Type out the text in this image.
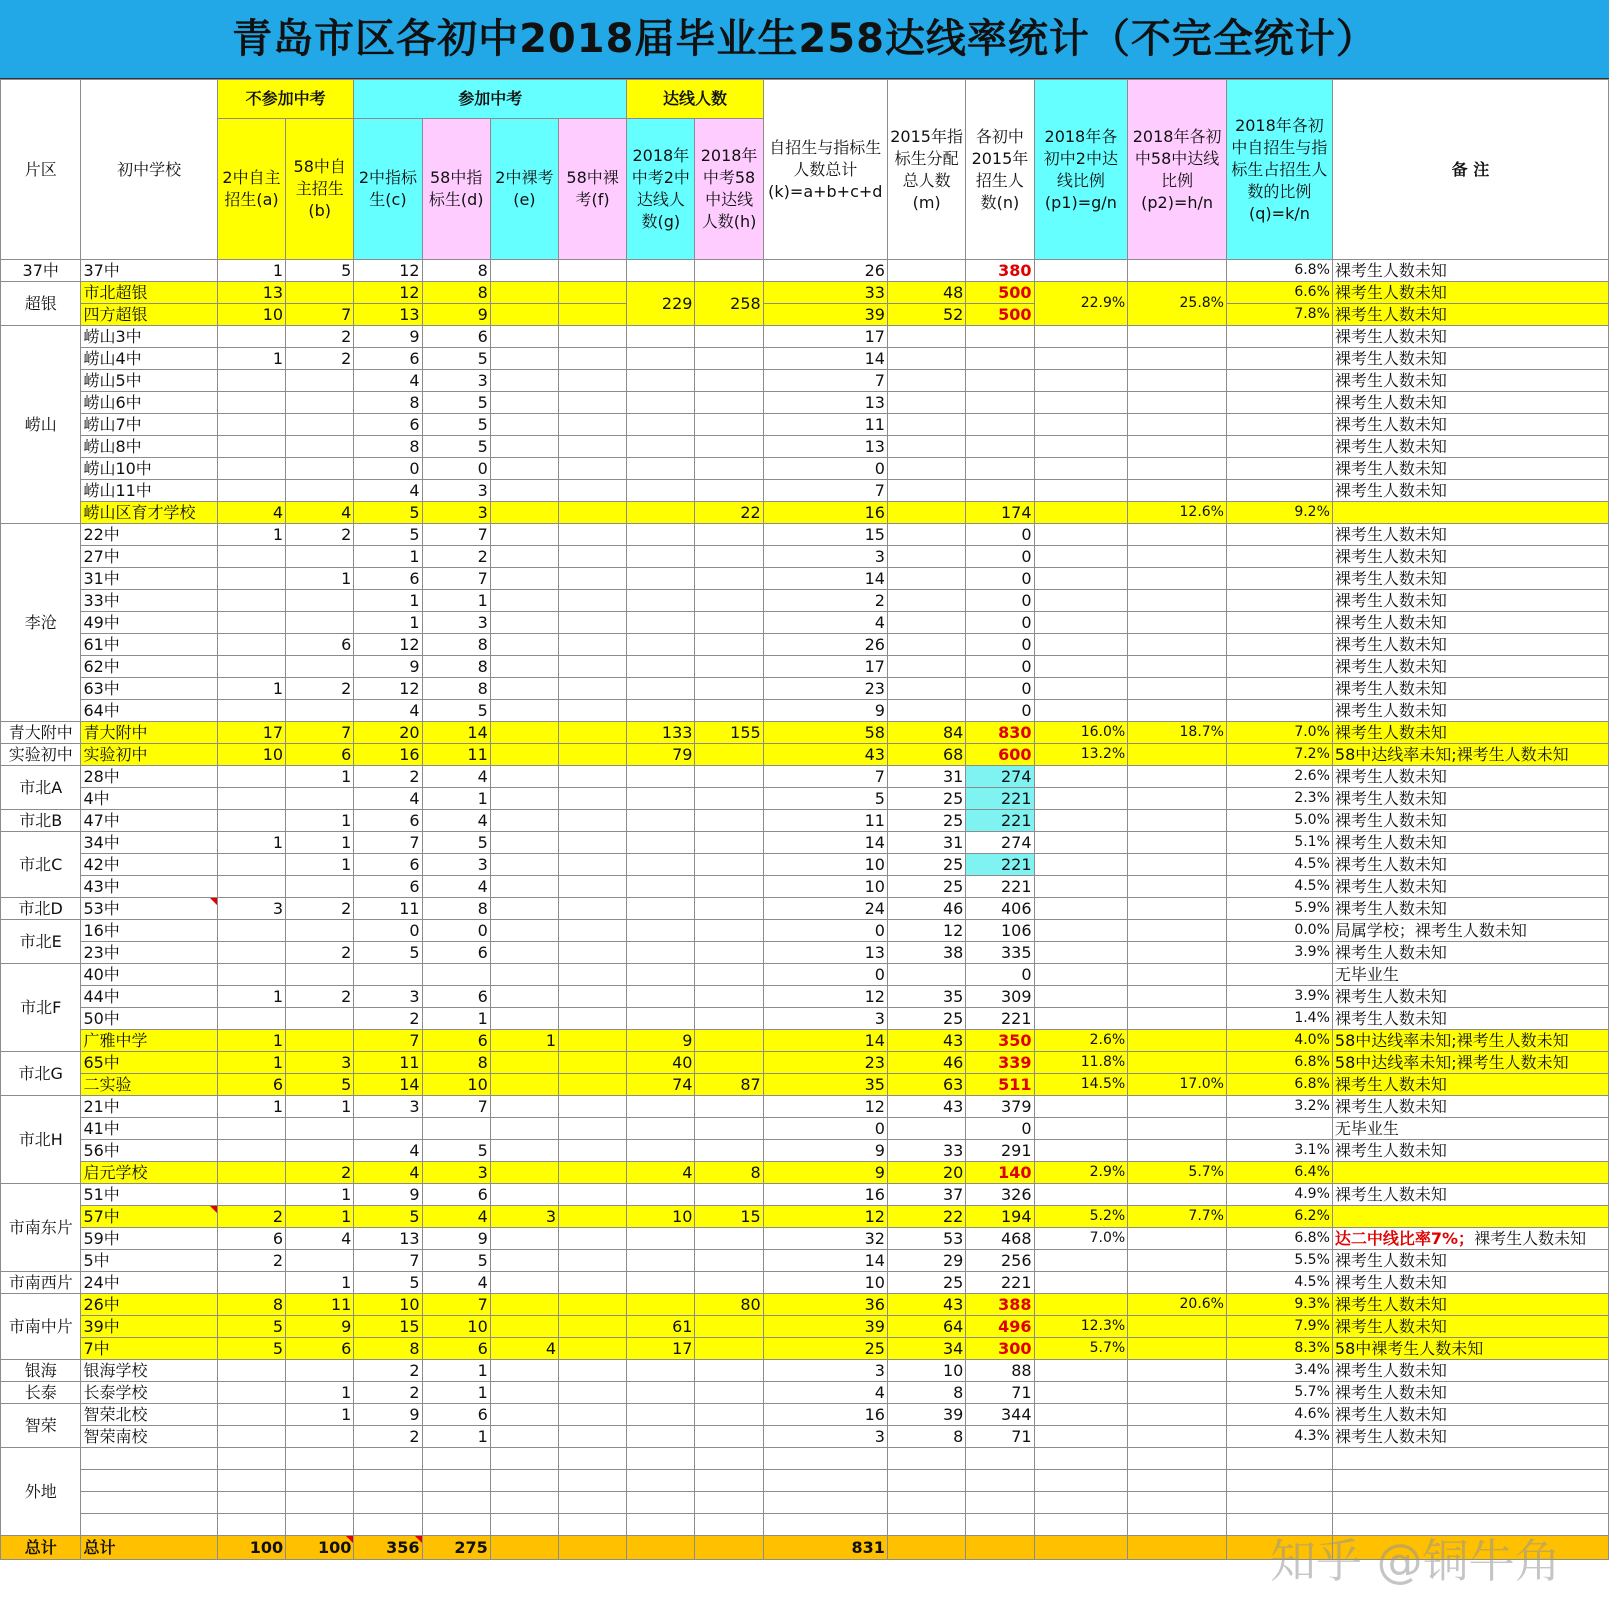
青岛市区各初中2018届毕业生258达线率统计（不完全统计）
片区	初中学校	不参加中考		参加中考				达线人数		自招生与指标生人数总计(k)=a+b+c+d	2015年指标生分配总人数(m)	各初中2015年招生人数(n)	2018年各初中2中达线比例(p1)=g/n	2018年各初中58中达线比例(p2)=h/n	2018年各初中自招生与指标生占招生人数的比例(q)=k/n	备 注
		2中自主招生(a)	58中自主招生(b)	2中指标生(c)	58中指标生(d)	2中裸考(e)	58中裸考(f)	2018年中考2中达线人数(g)	2018年中考58中达线人数(h)							
37中	37中	1	5	12	8					26		380			6.8%	裸考生人数未知
超银	市北超银	13		12	8			229	258	33	48	500	22.9%	25.8%	6.6%	裸考生人数未知
	四方超银	10	7	13	9					39	52	500			7.8%	裸考生人数未知
崂山	崂山3中		2	9	6					17						裸考生人数未知
	崂山4中	1	2	6	5					14						裸考生人数未知
	崂山5中			4	3					7						裸考生人数未知
	崂山6中			8	5					13						裸考生人数未知
	崂山7中			6	5					11						裸考生人数未知
	崂山8中			8	5					13						裸考生人数未知
	崂山10中			0	0					0						裸考生人数未知
	崂山11中			4	3					7						裸考生人数未知
	崂山区育才学校	4	4	5	3				22	16		174		12.6%	9.2%	
李沧	22中	1	2	5	7					15		0				裸考生人数未知
	27中			1	2					3		0				裸考生人数未知
	31中		1	6	7					14		0				裸考生人数未知
	33中			1	1					2		0				裸考生人数未知
	49中			1	3					4		0				裸考生人数未知
	61中		6	12	8					26		0				裸考生人数未知
	62中			9	8					17		0				裸考生人数未知
	63中	1	2	12	8					23		0				裸考生人数未知
	64中			4	5					9		0				裸考生人数未知
青大附中	青大附中	17	7	20	14			133	155	58	84	830	16.0%	18.7%	7.0%	裸考生人数未知
实验初中	实验初中	10	6	16	11			79		43	68	600	13.2%		7.2%	58中达线率未知;裸考生人数未知
市北A	28中		1	2	4					7	31	274			2.6%	裸考生人数未知
	4中			4	1					5	25	221			2.3%	裸考生人数未知
市北B	47中		1	6	4					11	25	221			5.0%	裸考生人数未知
市北C	34中	1	1	7	5					14	31	274			5.1%	裸考生人数未知
	42中		1	6	3					10	25	221			4.5%	裸考生人数未知
	43中			6	4					10	25	221			4.5%	裸考生人数未知
市北D	53中	3	2	11	8					24	46	406			5.9%	裸考生人数未知
市北E	16中			0	0					0	12	106			0.0%	局属学校；裸考生人数未知
	23中		2	5	6					13	38	335			3.9%	裸考生人数未知
市北F	40中									0		0				无毕业生
	44中	1	2	3	6					12	35	309			3.9%	裸考生人数未知
	50中			2	1					3	25	221			1.4%	裸考生人数未知
	广雅中学	1		7	6	1		9		14	43	350	2.6%		4.0%	58中达线率未知;裸考生人数未知
市北G	65中	1	3	11	8			40		23	46	339	11.8%		6.8%	58中达线率未知;裸考生人数未知
	二实验	6	5	14	10			74	87	35	63	511	14.5%	17.0%	6.8%	裸考生人数未知
市北H	21中	1	1	3	7					12	43	379			3.2%	裸考生人数未知
	41中									0		0				无毕业生
	56中			4	5					9	33	291			3.1%	裸考生人数未知
	启元学校		2	4	3			4	8	9	20	140	2.9%	5.7%	6.4%	
市南东片	51中		1	9	6					16	37	326			4.9%	裸考生人数未知
	57中	2	1	5	4	3		10	15	12	22	194	5.2%	7.7%	6.2%	
	59中	6	4	13	9					32	53	468	7.0%		6.8%	达二中线比率7%；裸考生人数未知
	5中	2		7	5					14	29	256			5.5%	裸考生人数未知
市南西片	24中		1	5	4					10	25	221			4.5%	裸考生人数未知
市南中片	26中	8	11	10	7				80	36	43	388		20.6%	9.3%	裸考生人数未知
	39中	5	9	15	10			61		39	64	496	12.3%		7.9%	裸考生人数未知
	7中	5	6	8	6	4		17		25	34	300	5.7%		8.3%	58中裸考生人数未知
银海	银海学校			2	1					3	10	88			3.4%	裸考生人数未知
长泰	长泰学校		1	2	1					4	8	71			5.7%	裸考生人数未知
智荣	智荣北校		1	9	6					16	39	344			4.6%	裸考生人数未知
	智荣南校			2	1					3	8	71			4.3%	裸考生人数未知
外地																

总计	总计	100	100	356	275					831							知乎 @铜牛角
